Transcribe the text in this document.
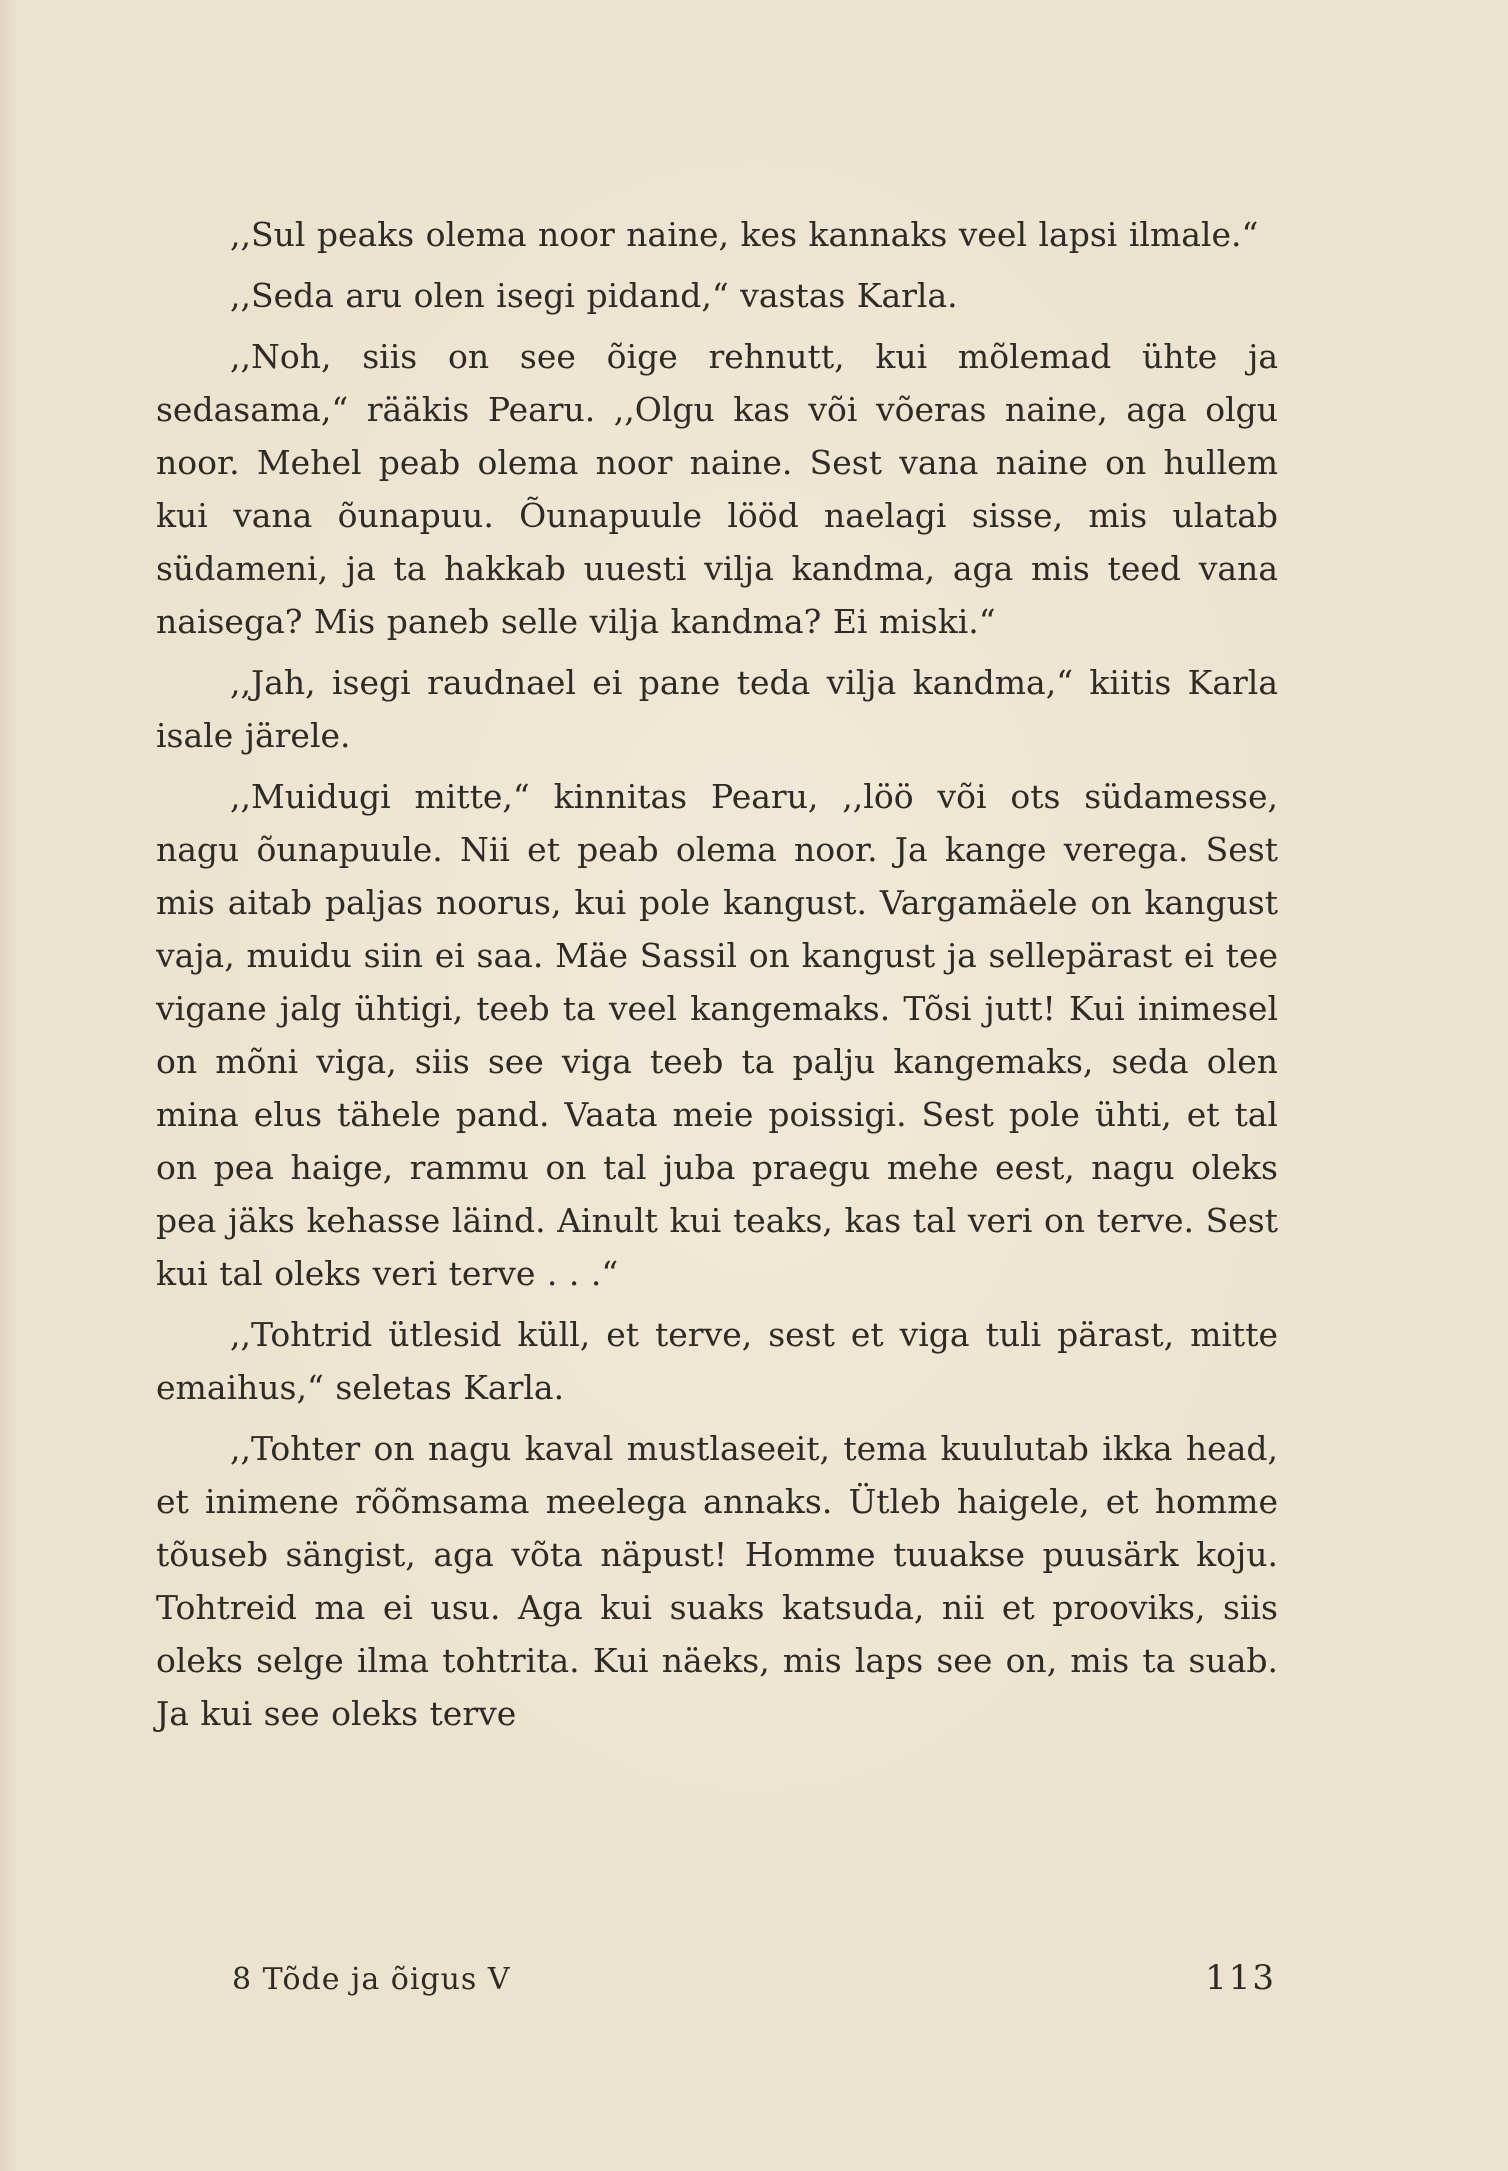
,,Sul peaks olema noor naine, kes kannaks veel lapsi ilmale.“

,,Seda aru olen isegi pidand,“ vastas Karla.

,,Noh, siis on see õige rehnutt, kui mõlemad ühte ja sedasama,“ rääkis Pearu. ,,Olgu kas või võeras naine, aga olgu noor. Mehel peab olema noor naine. Sest vana naine on hullem kui vana õunapuu. Õunapuule lööd naelagi sisse, mis ulatab südameni, ja ta hakkab uuesti vilja kandma, aga mis teed vana naisega? Mis paneb selle vilja kandma? Ei miski.“

,,Jah, isegi raudnael ei pane teda vilja kandma,“ kiitis Karla isale järele.

,,Muidugi mitte,“ kinnitas Pearu, ,,löö või ots südamesse, nagu õunapuule. Nii et peab olema noor. Ja kange verega. Sest mis aitab paljas noorus, kui pole kangust. Vargamäele on kangust vaja, muidu siin ei saa. Mäe Sassil on kangust ja sellepärast ei tee vigane jalg ühtigi, teeb ta veel kangemaks. Tõsi jutt! Kui inimesel on mõni viga, siis see viga teeb ta palju kangemaks, seda olen mina elus tähele pand. Vaata meie poissigi. Sest pole ühti, et tal on pea haige, rammu on tal juba praegu mehe eest, nagu oleks pea jäks kehasse läind. Ainult kui teaks, kas tal veri on terve. Sest kui tal oleks veri terve . . .“

,,Tohtrid ütlesid küll, et terve, sest et viga tuli pärast, mitte emaihus,“ seletas Karla.

,,Tohter on nagu kaval mustlaseeit, tema kuulutab ikka head, et inimene rõõmsama meelega annaks. Ütleb haigele, et homme tõuseb sängist, aga võta näpust! Homme tuuakse puusärk koju. Tohtreid ma ei usu. Aga kui suaks katsuda, nii et prooviks, siis oleks selge ilma tohtrita. Kui näeks, mis laps see on, mis ta suab. Ja kui see oleks terve

8 Tõde ja õigus V	113
